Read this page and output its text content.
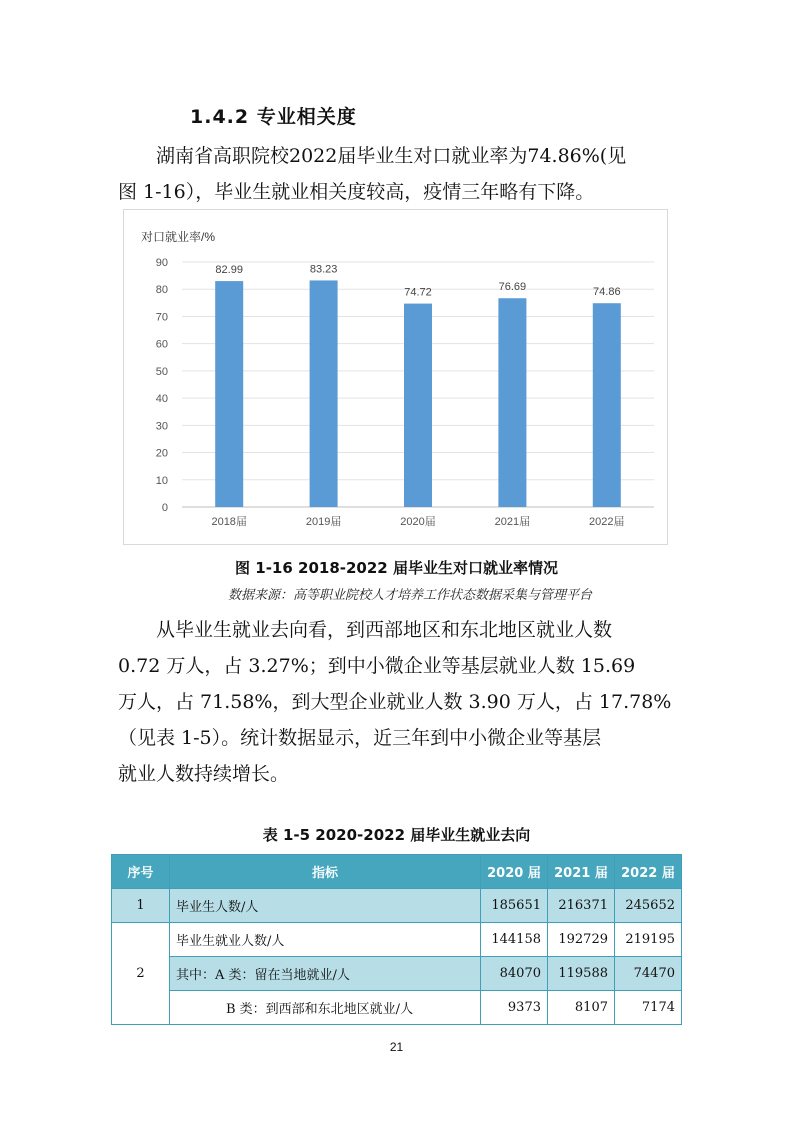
1.4.2 专业相关度
湖南省高职院校2022届毕业生对口就业率为74.86%(见
图 1-16），毕业生就业相关度较高，疫情三年略有下降。
对口就业率/%
0
10
20
30
40
50
60
70
80
90
82.99	83.23
74.72	76.69	74.86
2018届	2019届	2020届	2021届	2022届
图 1-16 2018-2022 届毕业生对口就业率情况
数据来源：高等职业院校人才培养工作状态数据采集与管理平台
从毕业生就业去向看，到西部地区和东北地区就业人数
0.72 万人，占 3.27%；到中小微企业等基层就业人数 15.69
万人，占 71.58%，到大型企业就业人数 3.90 万人，占 17.78%
（见表 1-5）。统计数据显示，近三年到中小微企业等基层
就业人数持续增长。
表 1-5 2020-2022 届毕业生就业去向
序号	指标	2020 届	2021 届	2022 届
1	毕业生人数/人	185651	216371	245652
2	毕业生就业人数/人	144158	192729	219195
	其中：A 类：留在当地就业/人	84070	119588	74470
	B 类：到西部和东北地区就业/人	9373	8107	7174
21
